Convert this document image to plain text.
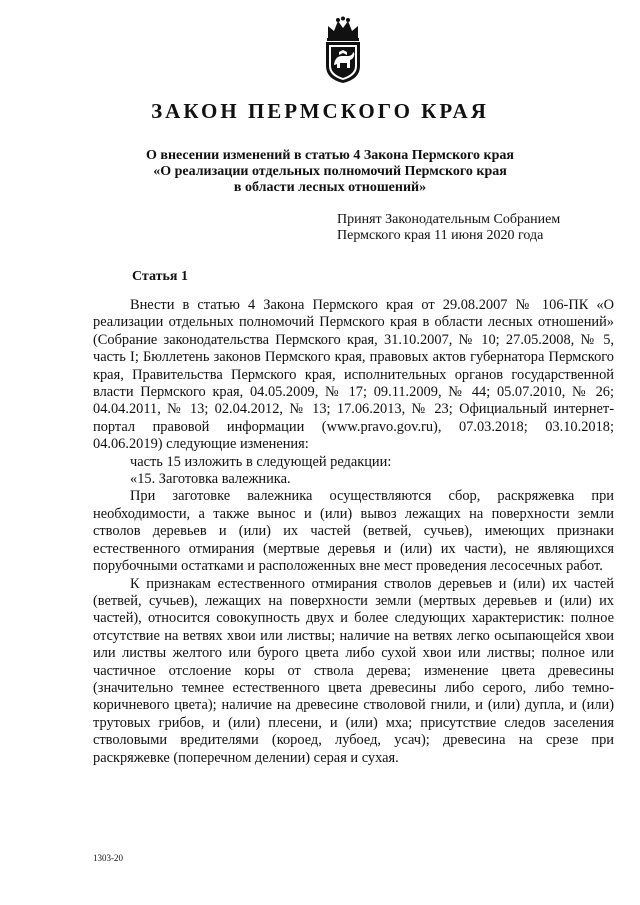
ЗАКОН ПЕРМСКОГО КРАЯ
О внесении изменений в статью 4 Закона Пермского края
«О реализации отдельных полномочий Пермского края
в области лесных отношений»
Принят Законодательным Собранием
Пермского края 11 июня 2020 года
Статья 1

Внести в статью 4 Закона Пермского края от 29.08.2007 № 106-ПК «О реализации отдельных полномочий Пермского края в области лесных отношений» (Собрание законодательства Пермского края, 31.10.2007, № 10; 27.05.2008, № 5, часть I; Бюллетень законов Пермского края, правовых актов губернатора Пермского края, Правительства Пермского края, исполнительных органов государственной власти Пермского края, 04.05.2009, № 17; 09.11.2009, № 44; 05.07.2010, № 26; 04.04.2011, № 13; 02.04.2012, № 13; 17.06.2013, № 23; Официальный интернет-портал правовой информации (www.pravo.gov.ru), 07.03.2018; 03.10.2018; 04.06.2019) следующие изменения:

часть 15 изложить в следующей редакции:

«15. Заготовка валежника.

При заготовке валежника осуществляются сбор, раскряжевка при необходимости, а также вынос и (или) вывоз лежащих на поверхности земли стволов деревьев и (или) их частей (ветвей, сучьев), имеющих признаки естественного отмирания (мертвые деревья и (или) их части), не являющихся порубочными остатками и расположенных вне мест проведения лесосечных работ.

К признакам естественного отмирания стволов деревьев и (или) их частей (ветвей, сучьев), лежащих на поверхности земли (мертвых деревьев и (или) их частей), относится совокупность двух и более следующих характеристик: полное отсутствие на ветвях хвои или листвы; наличие на ветвях легко осыпающейся хвои или листвы желтого или бурого цвета либо сухой хвои или листвы; полное или частичное отслоение коры от ствола дерева; изменение цвета древесины (значительно темнее естественного цвета древесины либо серого, либо темно-коричневого цвета); наличие на древесине стволовой гнили, и (или) дупла, и (или) трутовых грибов, и (или) плесени, и (или) мха; присутствие следов заселения стволовыми вредителями (короед, лубоед, усач); древесина на срезе при раскряжевке (поперечном делении) серая и сухая.

1303-20
